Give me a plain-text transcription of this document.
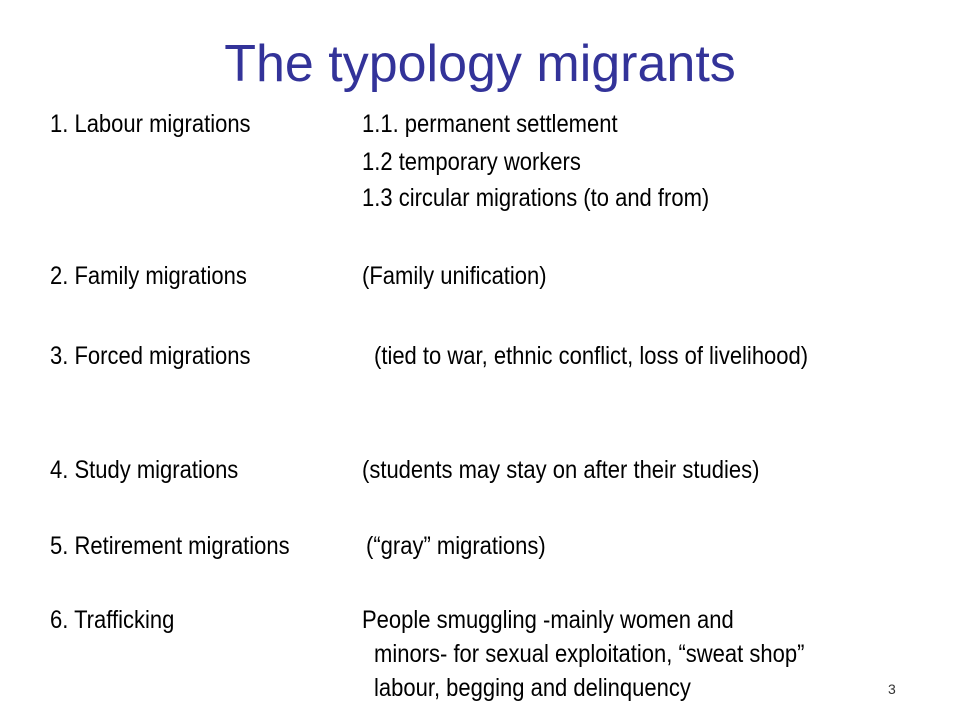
The typology migrants
1. Labour migrations	1.1. permanent settlement
1.2 temporary workers
1.3 circular migrations (to and from)
2. Family migrations	(Family unification)
3. Forced migrations	(tied to war, ethnic conflict, loss of livelihood)
4. Study migrations	(students may stay on after their studies)
5. Retirement migrations	(“gray” migrations)
6. Trafficking	People smuggling -mainly women and
minors- for sexual exploitation, “sweat shop”
labour, begging and delinquency	3
